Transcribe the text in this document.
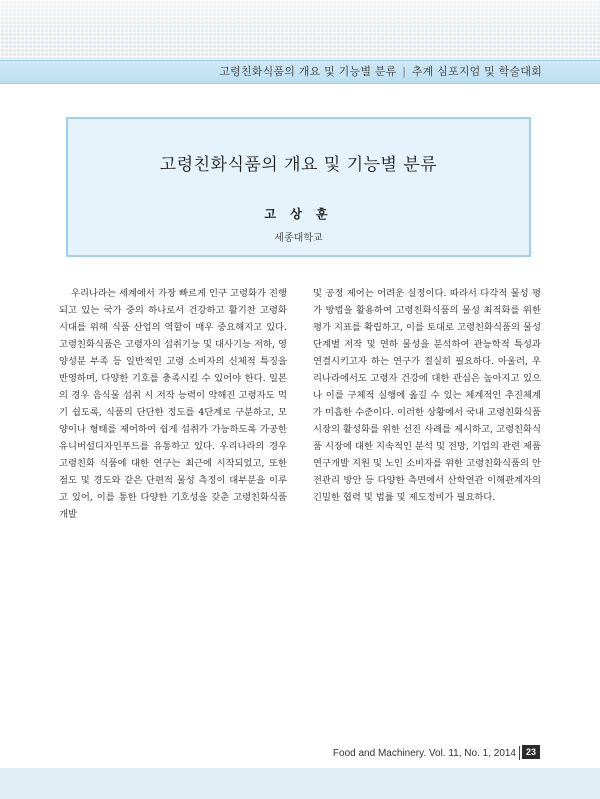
고령친화식품의 개요 및 기능별 분류 | 추계 심포지엄 및 학술대회
고령친화식품의 개요 및 기능별 분류
고 상 훈
세종대학교

우리나라는 세계에서 가장 빠르게 인구 고령화가 진행되고 있는 국가 중의 하나로서 건강하고 활기찬 고령화 시대를 위해 식품 산업의 역할이 매우 중요해지고 있다. 고령친화식품은 고령자의 섭취기능 및 대사기능 저하, 영양성분 부족 등 일반적인 고령 소비자의 신체적 특징을 반영하며, 다양한 기호를 충족시킬 수 있어야 한다. 일본의 경우 음식물 섭취 시 저작 능력이 약해진 고령자도 먹기 쉽도록, 식품의 단단한 정도를 4단계로 구분하고, 모양이나 형태를 제어하여 쉽게 섭취가 가능하도록 가공한 유니버설디자인푸드를 유통하고 있다. 우리나라의 경우 고령친화 식품에 대한 연구는 최근에 시작되었고, 또한 점도 및 경도와 같은 단편적 물성 측정이 대부분을 이루고 있어, 이를 통한 다양한 기호성을 갖춘 고령친화식품 개발

및 공정 제어는 어려운 실정이다. 따라서 다각적 물성 평가 방법을 활용하여 고령친화식품의 물성 최적화를 위한 평가 지표를 확립하고, 이를 토대로 고령친화식품의 물성 단계별 저작 및 연하 물성을 분석하여 관능학적 특성과 연결시키고자 하는 연구가 절실히 필요하다. 아울러, 우리나라에서도 고령자 건강에 대한 관심은 높아지고 있으나 이를 구체적 실행에 옮길 수 있는 체계적인 추진체계가 미흡한 수준이다. 이러한 상황에서 국내 고령친화식품 시장의 활성화를 위한 선진 사례를 제시하고, 고령친화식품 시장에 대한 지속적인 분석 및 전망, 기업의 관련 제품 연구개발 지원 및 노인 소비자를 위한 고령친화식품의 안전관리 방안 등 다양한 측면에서 산학연관 이해관계자의 긴밀한 협력 및 법률 및 제도정비가 필요하다.

Food and Machinery. Vol. 11, No. 1, 2014	23
